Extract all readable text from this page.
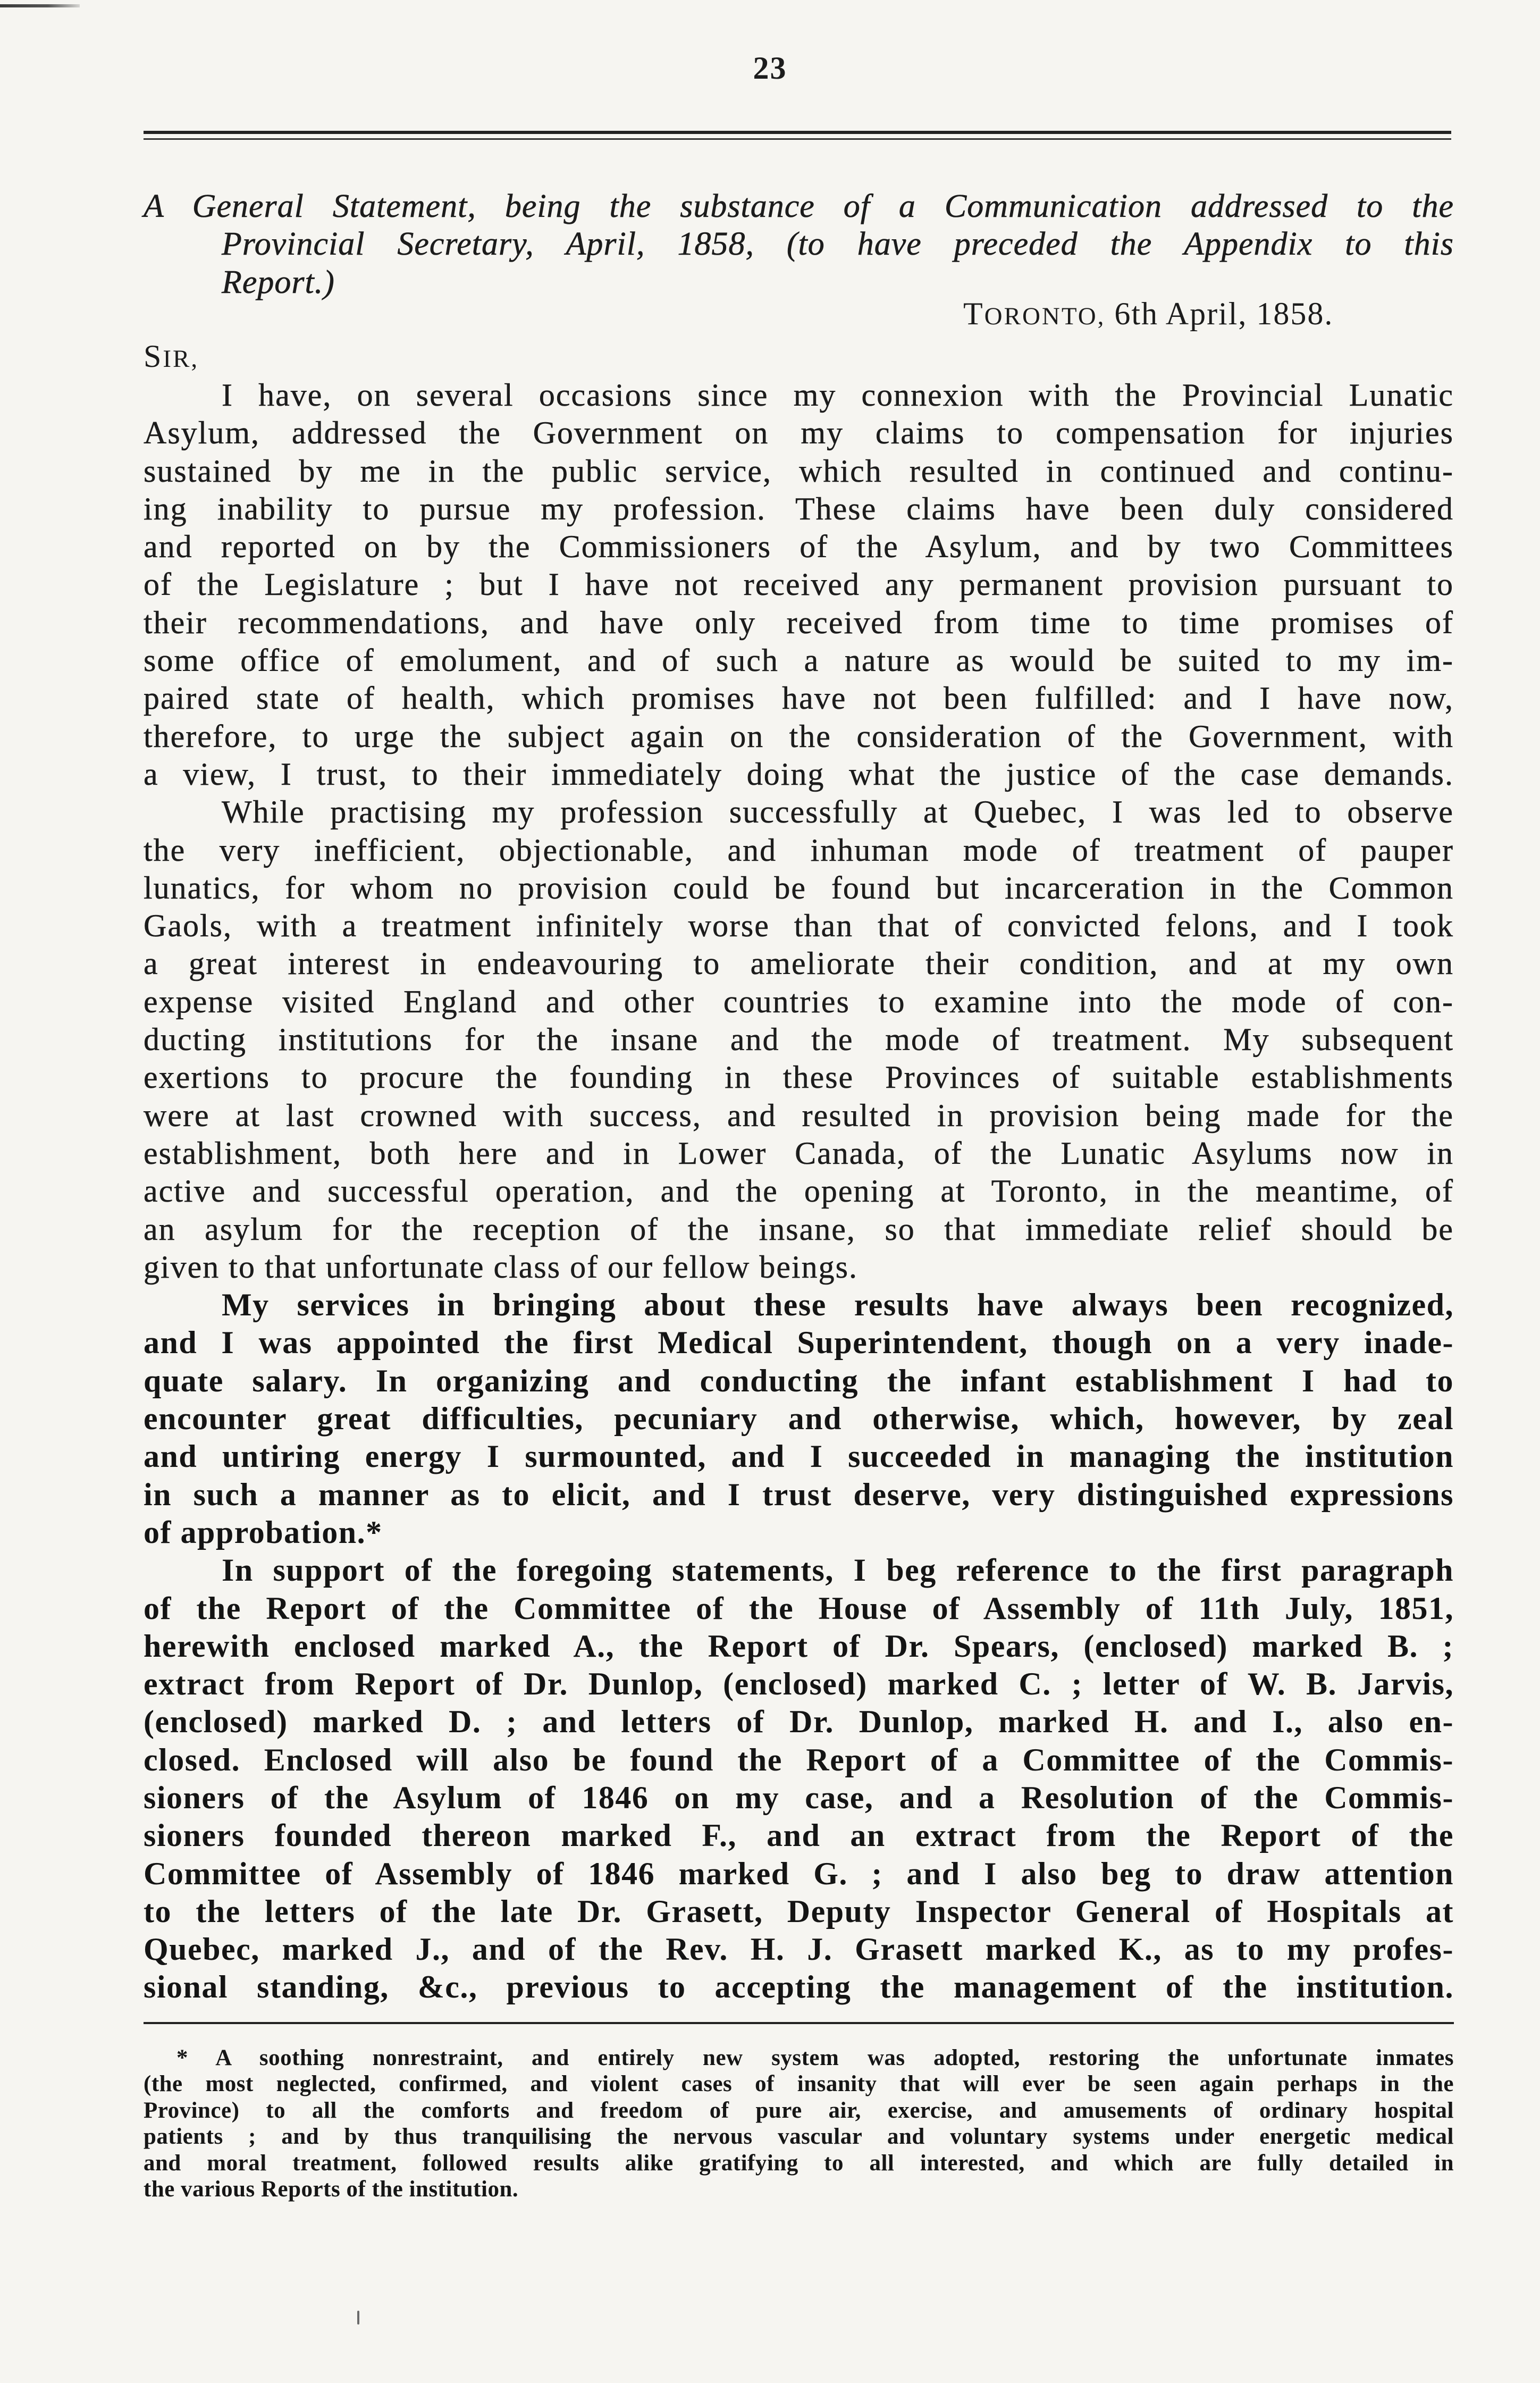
23
A General Statement, being the substance of a Communication addressed to the
Provincial Secretary, April, 1858, (to have preceded the Appendix to this
Report.)
TORONTO, 6th April, 1858.
SIR,
I have, on several occasions since my connexion with the Provincial Lunatic
Asylum, addressed the Government on my claims to compensation for injuries
sustained by me in the public service, which resulted in continued and continu-
ing inability to pursue my profession. These claims have been duly considered
and reported on by the Commissioners of the Asylum, and by two Committees
of the Legislature ; but I have not received any permanent provision pursuant to
their recommendations, and have only received from time to time promises of
some office of emolument, and of such a nature as would be suited to my im-
paired state of health, which promises have not been fulfilled: and I have now,
therefore, to urge the subject again on the consideration of the Government, with
a view, I trust, to their immediately doing what the justice of the case demands.
While practising my profession successfully at Quebec, I was led to observe
the very inefficient, objectionable, and inhuman mode of treatment of pauper
lunatics, for whom no provision could be found but incarceration in the Common
Gaols, with a treatment infinitely worse than that of convicted felons, and I took
a great interest in endeavouring to ameliorate their condition, and at my own
expense visited England and other countries to examine into the mode of con-
ducting institutions for the insane and the mode of treatment. My subsequent
exertions to procure the founding in these Provinces of suitable establishments
were at last crowned with success, and resulted in provision being made for the
establishment, both here and in Lower Canada, of the Lunatic Asylums now in
active and successful operation, and the opening at Toronto, in the meantime, of
an asylum for the reception of the insane, so that immediate relief should be
given to that unfortunate class of our fellow beings.
My services in bringing about these results have always been recognized,
and I was appointed the first Medical Superintendent, though on a very inade-
quate salary. In organizing and conducting the infant establishment I had to
encounter great difficulties, pecuniary and otherwise, which, however, by zeal
and untiring energy I surmounted, and I succeeded in managing the institution
in such a manner as to elicit, and I trust deserve, very distinguished expressions
of approbation.*
In support of the foregoing statements, I beg reference to the first paragraph
of the Report of the Committee of the House of Assembly of 11th July, 1851,
herewith enclosed marked A., the Report of Dr. Spears, (enclosed) marked B. ;
extract from Report of Dr. Dunlop, (enclosed) marked C. ; letter of W. B. Jarvis,
(enclosed) marked D. ; and letters of Dr. Dunlop, marked H. and I., also en-
closed. Enclosed will also be found the Report of a Committee of the Commis-
sioners of the Asylum of 1846 on my case, and a Resolution of the Commis-
sioners founded thereon marked F., and an extract from the Report of the
Committee of Assembly of 1846 marked G. ; and I also beg to draw attention
to the letters of the late Dr. Grasett, Deputy Inspector General of Hospitals at
Quebec, marked J., and of the Rev. H. J. Grasett marked K., as to my profes-
sional standing, &c., previous to accepting the management of the institution.
* A soothing nonrestraint, and entirely new system was adopted, restoring the unfortunate inmates
(the most neglected, confirmed, and violent cases of insanity that will ever be seen again perhaps in the
Province) to all the comforts and freedom of pure air, exercise, and amusements of ordinary hospital
patients ; and by thus tranquilising the nervous vascular and voluntary systems under energetic medical
and moral treatment, followed results alike gratifying to all interested, and which are fully detailed in
the various Reports of the institution.
